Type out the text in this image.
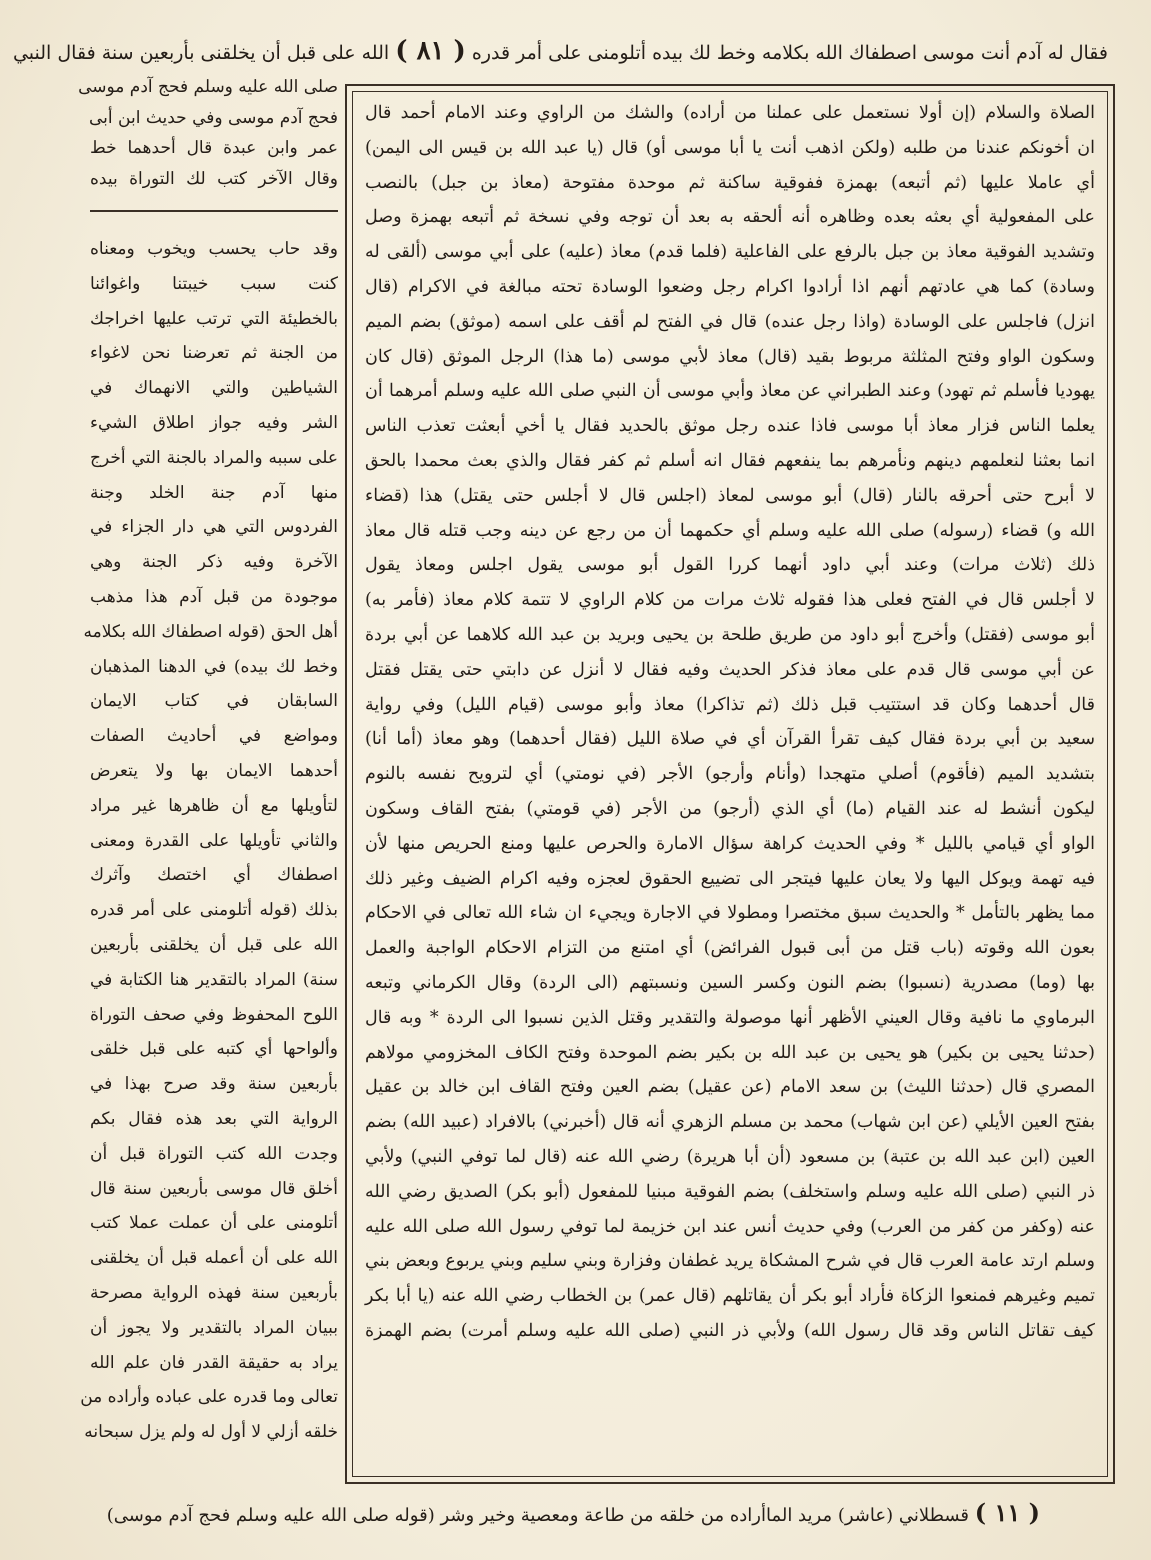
فقال له آدم أنت موسى اصطفاك الله بكلامه وخط لك بيده أتلومنى على أمر قدره ( ٨١ ) الله على قبل أن يخلقنى بأربعين سنة فقال النبي
الصلاة والسلام (إن أولا نستعمل على عملنا من أراده) والشك من الراوي وعند الامام أحمد قال
ان أخونكم عندنا من طلبه (ولكن اذهب أنت يا أبا موسى أو) قال (يا عبد الله بن قيس الى اليمن)
أي عاملا عليها (ثم أتبعه) بهمزة ففوقية ساكنة ثم موحدة مفتوحة (معاذ بن جبل) بالنصب
على المفعولية أي بعثه بعده وظاهره أنه ألحقه به بعد أن توجه وفي نسخة ثم أتبعه بهمزة وصل
وتشديد الفوقية معاذ بن جبل بالرفع على الفاعلية (فلما قدم) معاذ (عليه) على أبي موسى (ألقى له
وسادة) كما هي عادتهم أنهم اذا أرادوا اكرام رجل وضعوا الوسادة تحته مبالغة في الاكرام (قال
انزل) فاجلس على الوسادة (واذا رجل عنده) قال في الفتح لم أقف على اسمه (موثق) بضم الميم
وسكون الواو وفتح المثلثة مربوط بقيد (قال) معاذ لأبي موسى (ما هذا) الرجل الموثق (قال كان
يهوديا فأسلم ثم تهود) وعند الطبراني عن معاذ وأبي موسى أن النبي صلى الله عليه وسلم أمرهما أن
يعلما الناس فزار معاذ أبا موسى فاذا عنده رجل موثق بالحديد فقال يا أخي أبعثت تعذب الناس
انما بعثنا لنعلمهم دينهم ونأمرهم بما ينفعهم فقال انه أسلم ثم كفر فقال والذي بعث محمدا بالحق
لا أبرح حتى أحرقه بالنار (قال) أبو موسى لمعاذ (اجلس قال لا أجلس حتى يقتل) هذا (قضاء
الله و) قضاء (رسوله) صلى الله عليه وسلم أي حكمهما أن من رجع عن دينه وجب قتله قال معاذ
ذلك (ثلاث مرات) وعند أبي داود أنهما كررا القول أبو موسى يقول اجلس ومعاذ يقول
لا أجلس قال في الفتح فعلى هذا فقوله ثلاث مرات من كلام الراوي لا تتمة كلام معاذ (فأمر به)
أبو موسى (فقتل) وأخرج أبو داود من طريق طلحة بن يحيى وبريد بن عبد الله كلاهما عن أبي بردة
عن أبي موسى قال قدم على معاذ فذكر الحديث وفيه فقال لا أنزل عن دابتي حتى يقتل فقتل
قال أحدهما وكان قد استتيب قبل ذلك (ثم تذاكرا) معاذ وأبو موسى (قيام الليل) وفي رواية
سعيد بن أبي بردة فقال كيف تقرأ القرآن أي في صلاة الليل (فقال أحدهما) وهو معاذ (أما أنا)
بتشديد الميم (فأقوم) أصلي متهجدا (وأنام وأرجو) الأجر (في نومتي) أي لترويح نفسه بالنوم
ليكون أنشط له عند القيام (ما) أي الذي (أرجو) من الأجر (في قومتي) بفتح القاف وسكون
الواو أي قيامي بالليل * وفي الحديث كراهة سؤال الامارة والحرص عليها ومنع الحريص منها لأن
فيه تهمة ويوكل اليها ولا يعان عليها فيتجر الى تضييع الحقوق لعجزه وفيه اكرام الضيف وغير ذلك
مما يظهر بالتأمل * والحديث سبق مختصرا ومطولا في الاجارة ويجيء ان شاء الله تعالى في الاحكام
بعون الله وقوته (باب قتل من أبى قبول الفرائض) أي امتنع من التزام الاحكام الواجبة والعمل
بها (وما) مصدرية (نسبوا) بضم النون وكسر السين ونسبتهم (الى الردة) وقال الكرماني وتبعه
البرماوي ما نافية وقال العيني الأظهر أنها موصولة والتقدير وقتل الذين نسبوا الى الردة * وبه قال
(حدثنا يحيى بن بكير) هو يحيى بن عبد الله بن بكير بضم الموحدة وفتح الكاف المخزومي مولاهم
المصري قال (حدثنا الليث) بن سعد الامام (عن عقيل) بضم العين وفتح القاف ابن خالد بن عقيل
بفتح العين الأيلي (عن ابن شهاب) محمد بن مسلم الزهري أنه قال (أخبرني) بالافراد (عبيد الله) بضم
العين (ابن عبد الله بن عتبة) بن مسعود (أن أبا هريرة) رضي الله عنه (قال لما توفي النبي) ولأبي
ذر النبي (صلى الله عليه وسلم واستخلف) بضم الفوقية مبنيا للمفعول (أبو بكر) الصديق رضي الله
عنه (وكفر من كفر من العرب) وفي حديث أنس عند ابن خزيمة لما توفي رسول الله صلى الله عليه
وسلم ارتد عامة العرب قال في شرح المشكاة يريد غطفان وفزارة وبني سليم وبني يربوع وبعض بني
تميم وغيرهم فمنعوا الزكاة فأراد أبو بكر أن يقاتلهم (قال عمر) بن الخطاب رضي الله عنه (يا أبا بكر
كيف تقاتل الناس وقد قال رسول الله) ولأبي ذر النبي (صلى الله عليه وسلم أمرت) بضم الهمزة
صلى الله عليه وسلم فحج آدم موسى
فحج آدم موسى وفي حديث ابن أبى
عمر وابن عبدة قال أحدهما خط
وقال الآخر كتب لك التوراة بيده
وقد حاب يحسب ويخوب ومعناه
كنت سبب خيبتنا واغوائنا
بالخطيئة التي ترتب عليها اخراجك
من الجنة ثم تعرضنا نحن لاغواء
الشياطين والتي الانهماك في
الشر وفيه جواز اطلاق الشيء
على سببه والمراد بالجنة التي أخرج
منها آدم جنة الخلد وجنة
الفردوس التي هي دار الجزاء في
الآخرة وفيه ذكر الجنة وهي
موجودة من قبل آدم هذا مذهب
أهل الحق (قوله اصطفاك الله بكلامه
وخط لك بيده) في الدهنا المذهبان
السابقان في كتاب الايمان
ومواضع في أحاديث الصفات
أحدهما الايمان بها ولا يتعرض
لتأويلها مع أن ظاهرها غير مراد
والثاني تأويلها على القدرة ومعنى
اصطفاك أي اختصك وآثرك
بذلك (قوله أتلومنى على أمر قدره
الله على قبل أن يخلقنى بأربعين
سنة) المراد بالتقدير هنا الكتابة في
اللوح المحفوظ وفي صحف التوراة
وألواحها أي كتبه على قبل خلقى
بأربعين سنة وقد صرح بهذا في
الرواية التي بعد هذه فقال بكم
وجدت الله كتب التوراة قبل أن
أخلق قال موسى بأربعين سنة قال
أتلومنى على أن عملت عملا كتب
الله على أن أعمله قبل أن يخلقنى
بأربعين سنة فهذه الرواية مصرحة
ببيان المراد بالتقدير ولا يجوز أن
يراد به حقيقة القدر فان علم الله
تعالى وما قدره على عباده وأراده من
خلقه أزلي لا أول له ولم يزل سبحانه
( ١١ ) قسطلاني (عاشر) مريد الماأراده من خلقه من طاعة ومعصية وخير وشر (قوله صلى الله عليه وسلم فحج آدم موسى)
